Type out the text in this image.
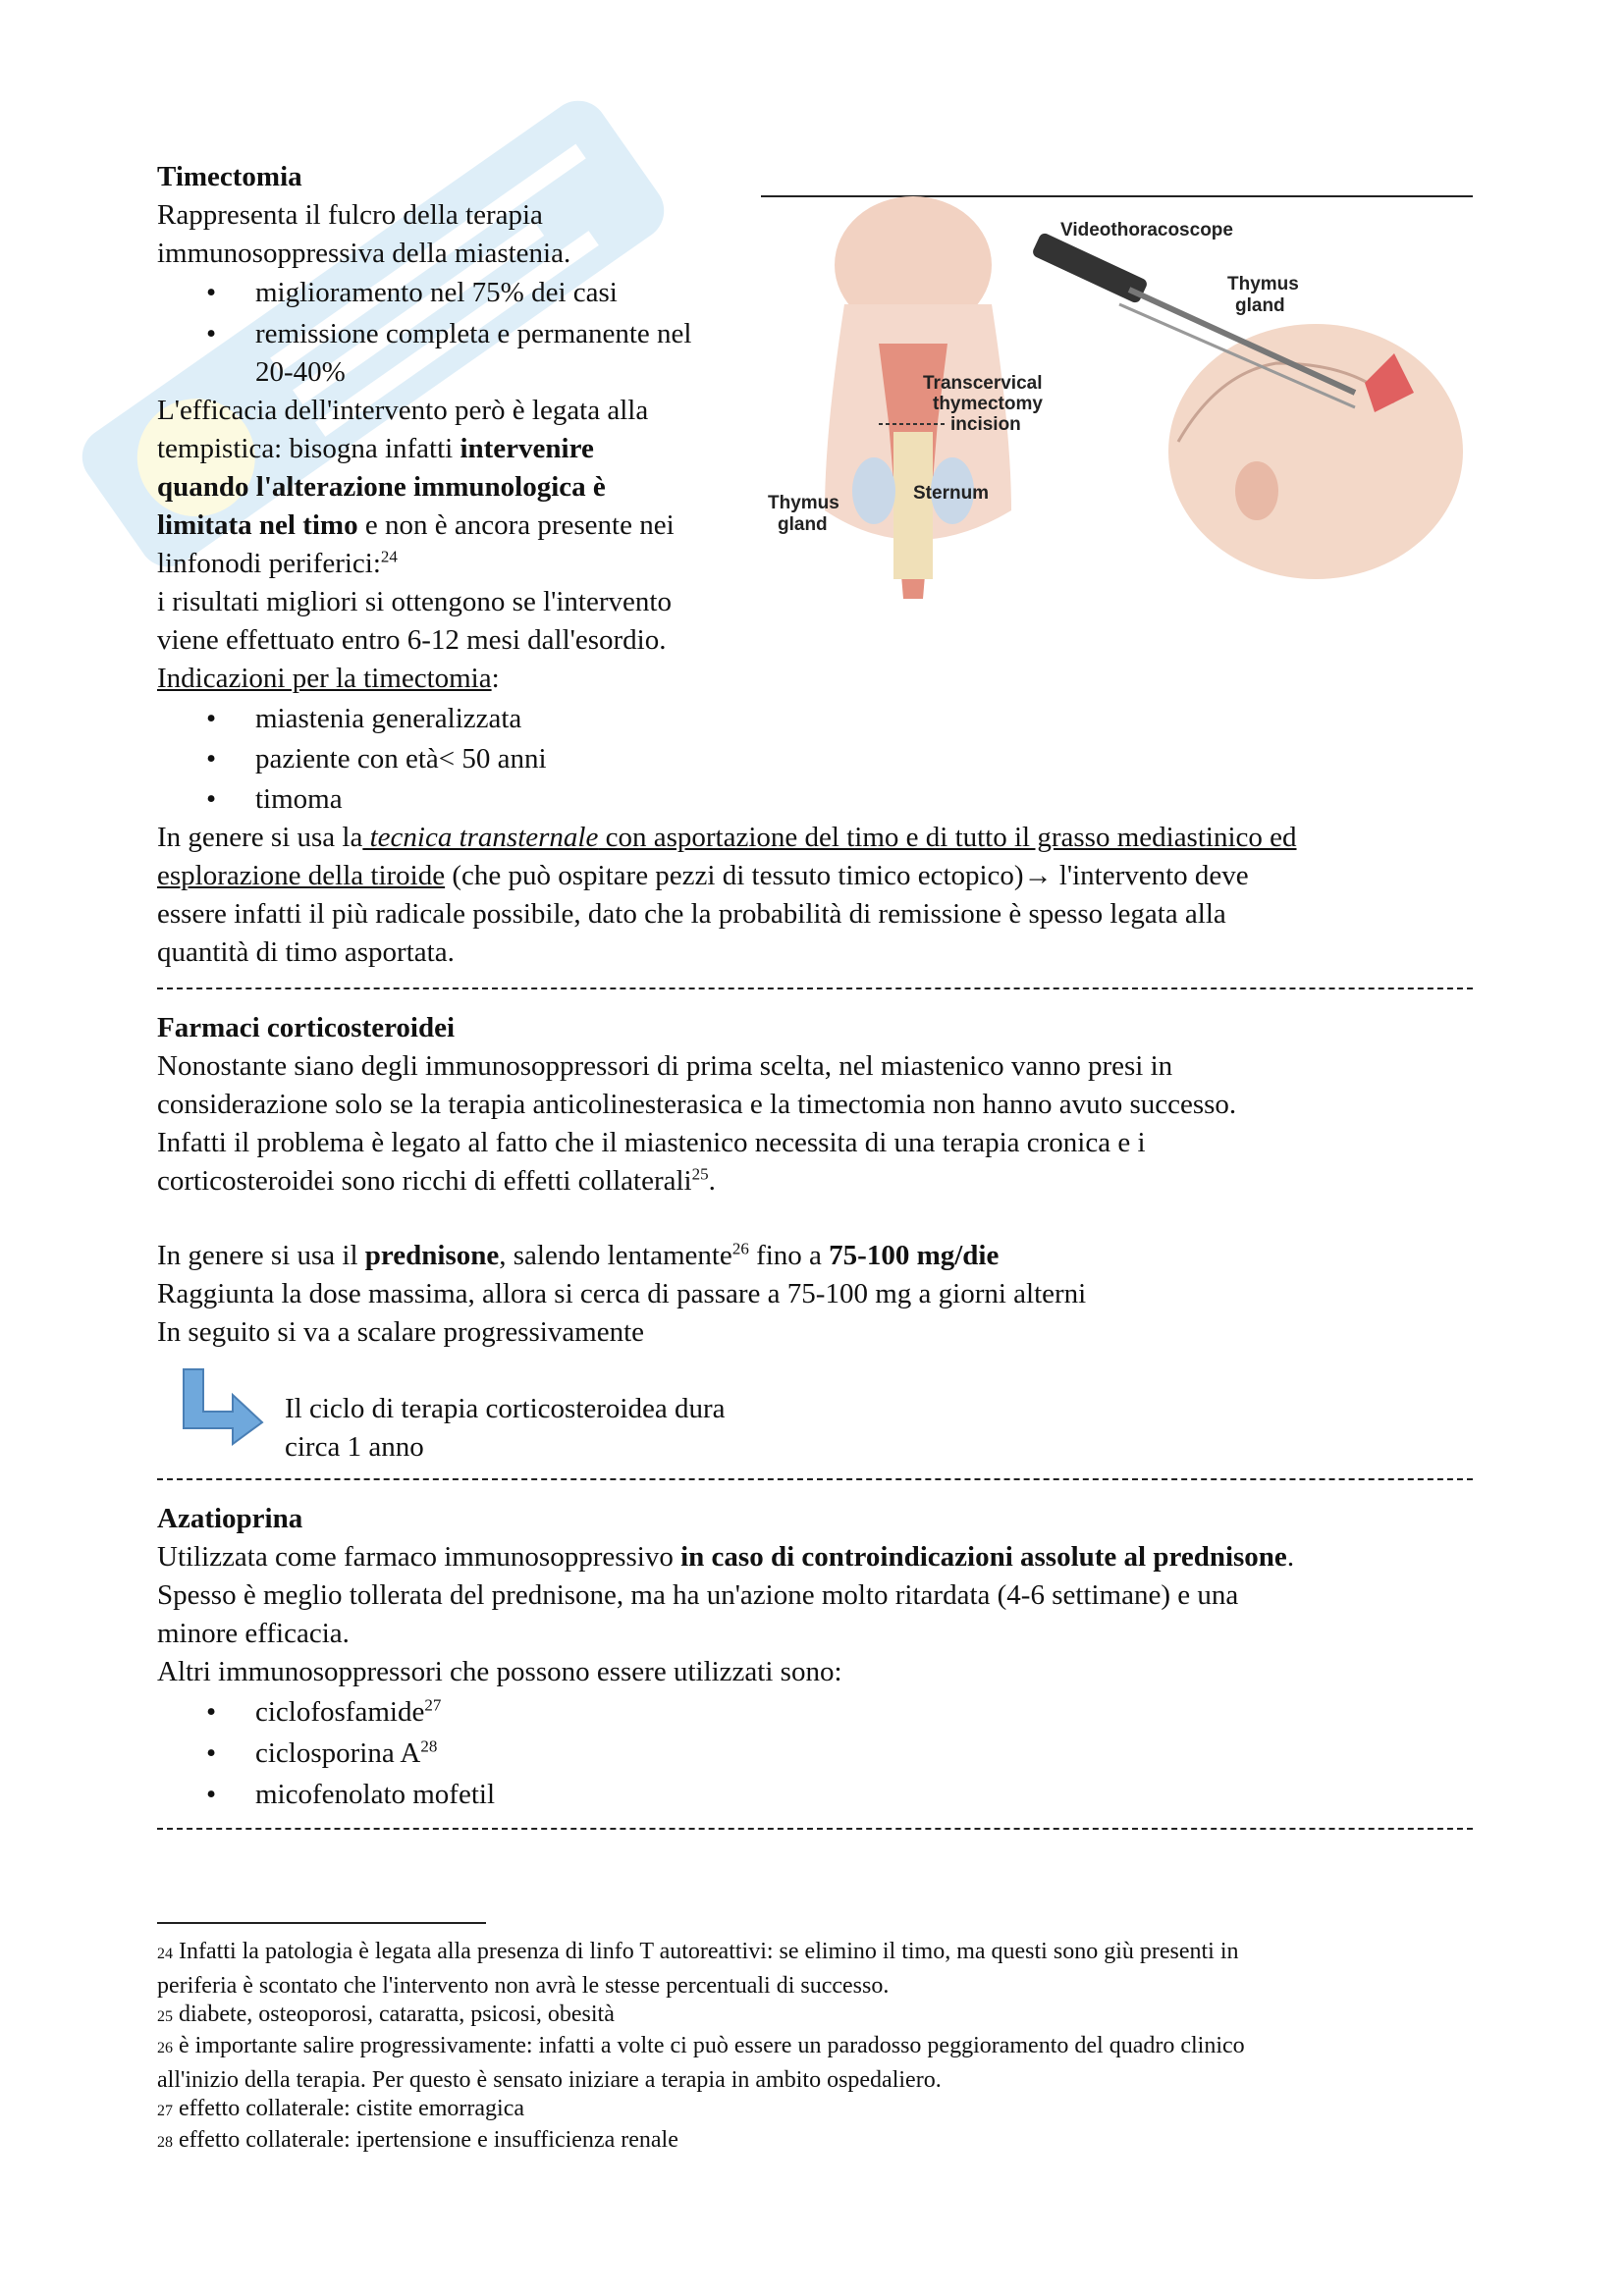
Timectomia
Rappresenta il fulcro della terapia
immunosoppressiva della miastenia.
• miglioramento nel 75% dei casi
• remissione completa e permanente nel
20-40%
L'efficacia dell'intervento però è legata alla
tempistica: bisogna infatti intervenire
quando l'alterazione immunologica è
limitata nel timo e non è ancora presente nei
linfonodi periferici:$^{24}$
i risultati migliori si ottengono se l'intervento
viene effettuato entro 6-12 mesi dall'esordio.
Indicazioni per la timectomia:
• miastenia generalizzata
• paziente con età< 50 anni
• timoma
In genere si usa la tecnica transternale con asportazione del timo e di tutto il grasso mediastinico ed
esplorazione della tiroide (che può ospitare pezzi di tessuto timico ectopico)→ l'intervento deve
essere infatti il più radicale possibile, dato che la probabilità di remissione è spesso legata alla
quantità di timo asportata.
Videothoracoscope
Thymus
gland
Transcervical
thymectomy
incision
Sternum
Thymus
gland
Farmaci corticosteroidei
Nonostante siano degli immunosoppressori di prima scelta, nel miastenico vanno presi in
considerazione solo se la terapia anticolinesterasica e la timectomia non hanno avuto successo.
Infatti il problema è legato al fatto che il miastenico necessita di una terapia cronica e i
corticosteroidei sono ricchi di effetti collaterali$^{25}$.
In genere si usa il prednisone, salendo lentamente$^{26}$ fino a 75-100 mg/die
Raggiunta la dose massima, allora si cerca di passare a 75-100 mg a giorni alterni
In seguito si va a scalare progressivamente
Il ciclo di terapia corticosteroidea dura
circa 1 anno
Azatioprina
Utilizzata come farmaco immunosoppressivo in caso di controindicazioni assolute al prednisone.
Spesso è meglio tollerata del prednisone, ma ha un'azione molto ritardata (4-6 settimane) e una
minore efficacia.
Altri immunosoppressori che possono essere utilizzati sono:
• ciclofosfamide$^{27}$
• ciclosporina $A^{28}$
• micofenolato mofetil
24 Infatti la patologia è legata alla presenza di linfo T autoreattivi: se elimino il timo, ma questi sono giù presenti in
periferia è scontato che l'intervento non avrà le stesse percentuali di successo.
25 diabete, osteoporosi, cataratta, psicosi, obesità
26 è importante salire progressivamente: infatti a volte ci può essere un paradosso peggioramento del quadro clinico
all'inizio della terapia. Per questo è sensato iniziare a terapia in ambito ospedaliero.
27 effetto collaterale: cistite emorragica
28 effetto collaterale: ipertensione e insufficienza renale
